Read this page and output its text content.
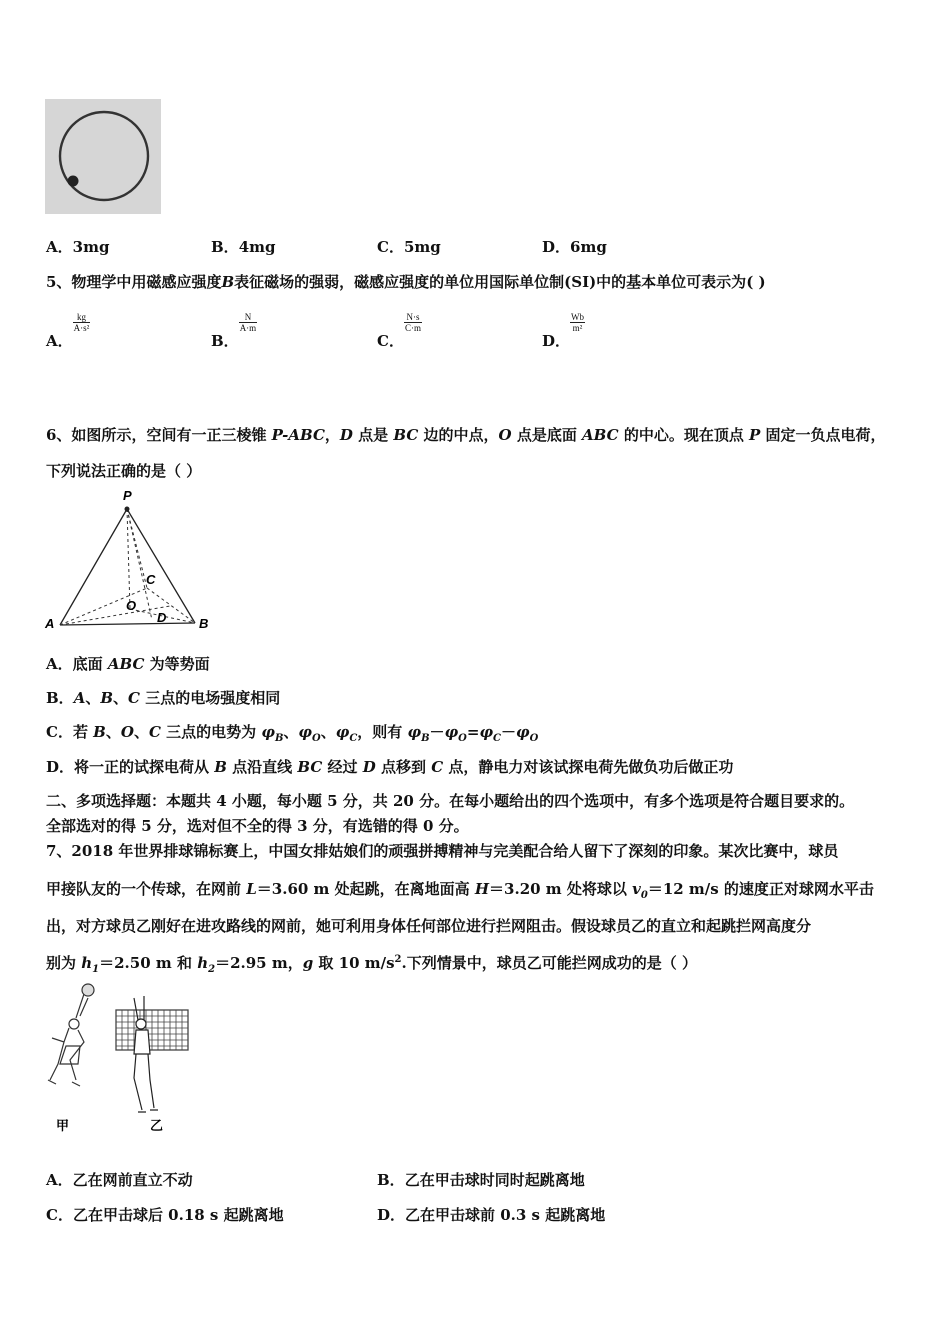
A．3mg	B．4mg	C．5mg	D．6mg
5、物理学中用磁感应强度B表征磁场的强弱，磁感应强度的单位用国际单位制(SI)中的基本单位可表示为( )
A．
$\frac{kg}{\text{A·s²}}$
B．
$\frac{N}{A\cdot m}$
C．
$\frac{N\cdot s}{C\cdot m}$
D．
$\frac{Wb}{\text{m²}}$
6、如图所示，空间有一正三棱锥 P-ABC，D 点是 BC 边的中点，O 点是底面 ABC 的中心。现在顶点 P 固定一负点电荷，
下列说法正确的是（ ）
P
A	B
C
O
D
A．底面 ABC 为等势面
B．A、B、C 三点的电场强度相同
C．若 B、O、C 三点的电势为 $\varphi_B$、$\varphi_O$、$\varphi_C$，则有 $\varphi_B-\varphi_O=\varphi_C-\varphi_O$
D．将一正的试探电荷从 B 点沿直线 BC 经过 D 点移到 C 点，静电力对该试探电荷先做负功后做正功
二、多项选择题：本题共 4 小题，每小题 5 分，共 20 分。在每小题给出的四个选项中，有多个选项是符合题目要求的。
全部选对的得 5 分，选对但不全的得 3 分，有选错的得 0 分。
7、2018 年世界排球锦标赛上，中国女排姑娘们的顽强拼搏精神与完美配合给人留下了深刻的印象。某次比赛中，球员
甲接队友的一个传球，在网前 L＝3.60 m 处起跳，在离地面高 H＝3.20 m 处将球以 $v_0=12$ m/s 的速度正对球网水平击
出，对方球员乙刚好在进攻路线的网前，她可利用身体任何部位进行拦网阻击。假设球员乙的直立和起跳拦网高度分
别为 $h_1=2.50$ m 和 $h_2=2.95$ m，g 取 10 $m/s^2$.下列情景中，球员乙可能拦网成功的是（ ）
甲	乙
A．乙在网前直立不动	B．乙在甲击球时同时起跳离地
C．乙在甲击球后 0.18 s 起跳离地	D．乙在甲击球前 0.3 s 起跳离地
